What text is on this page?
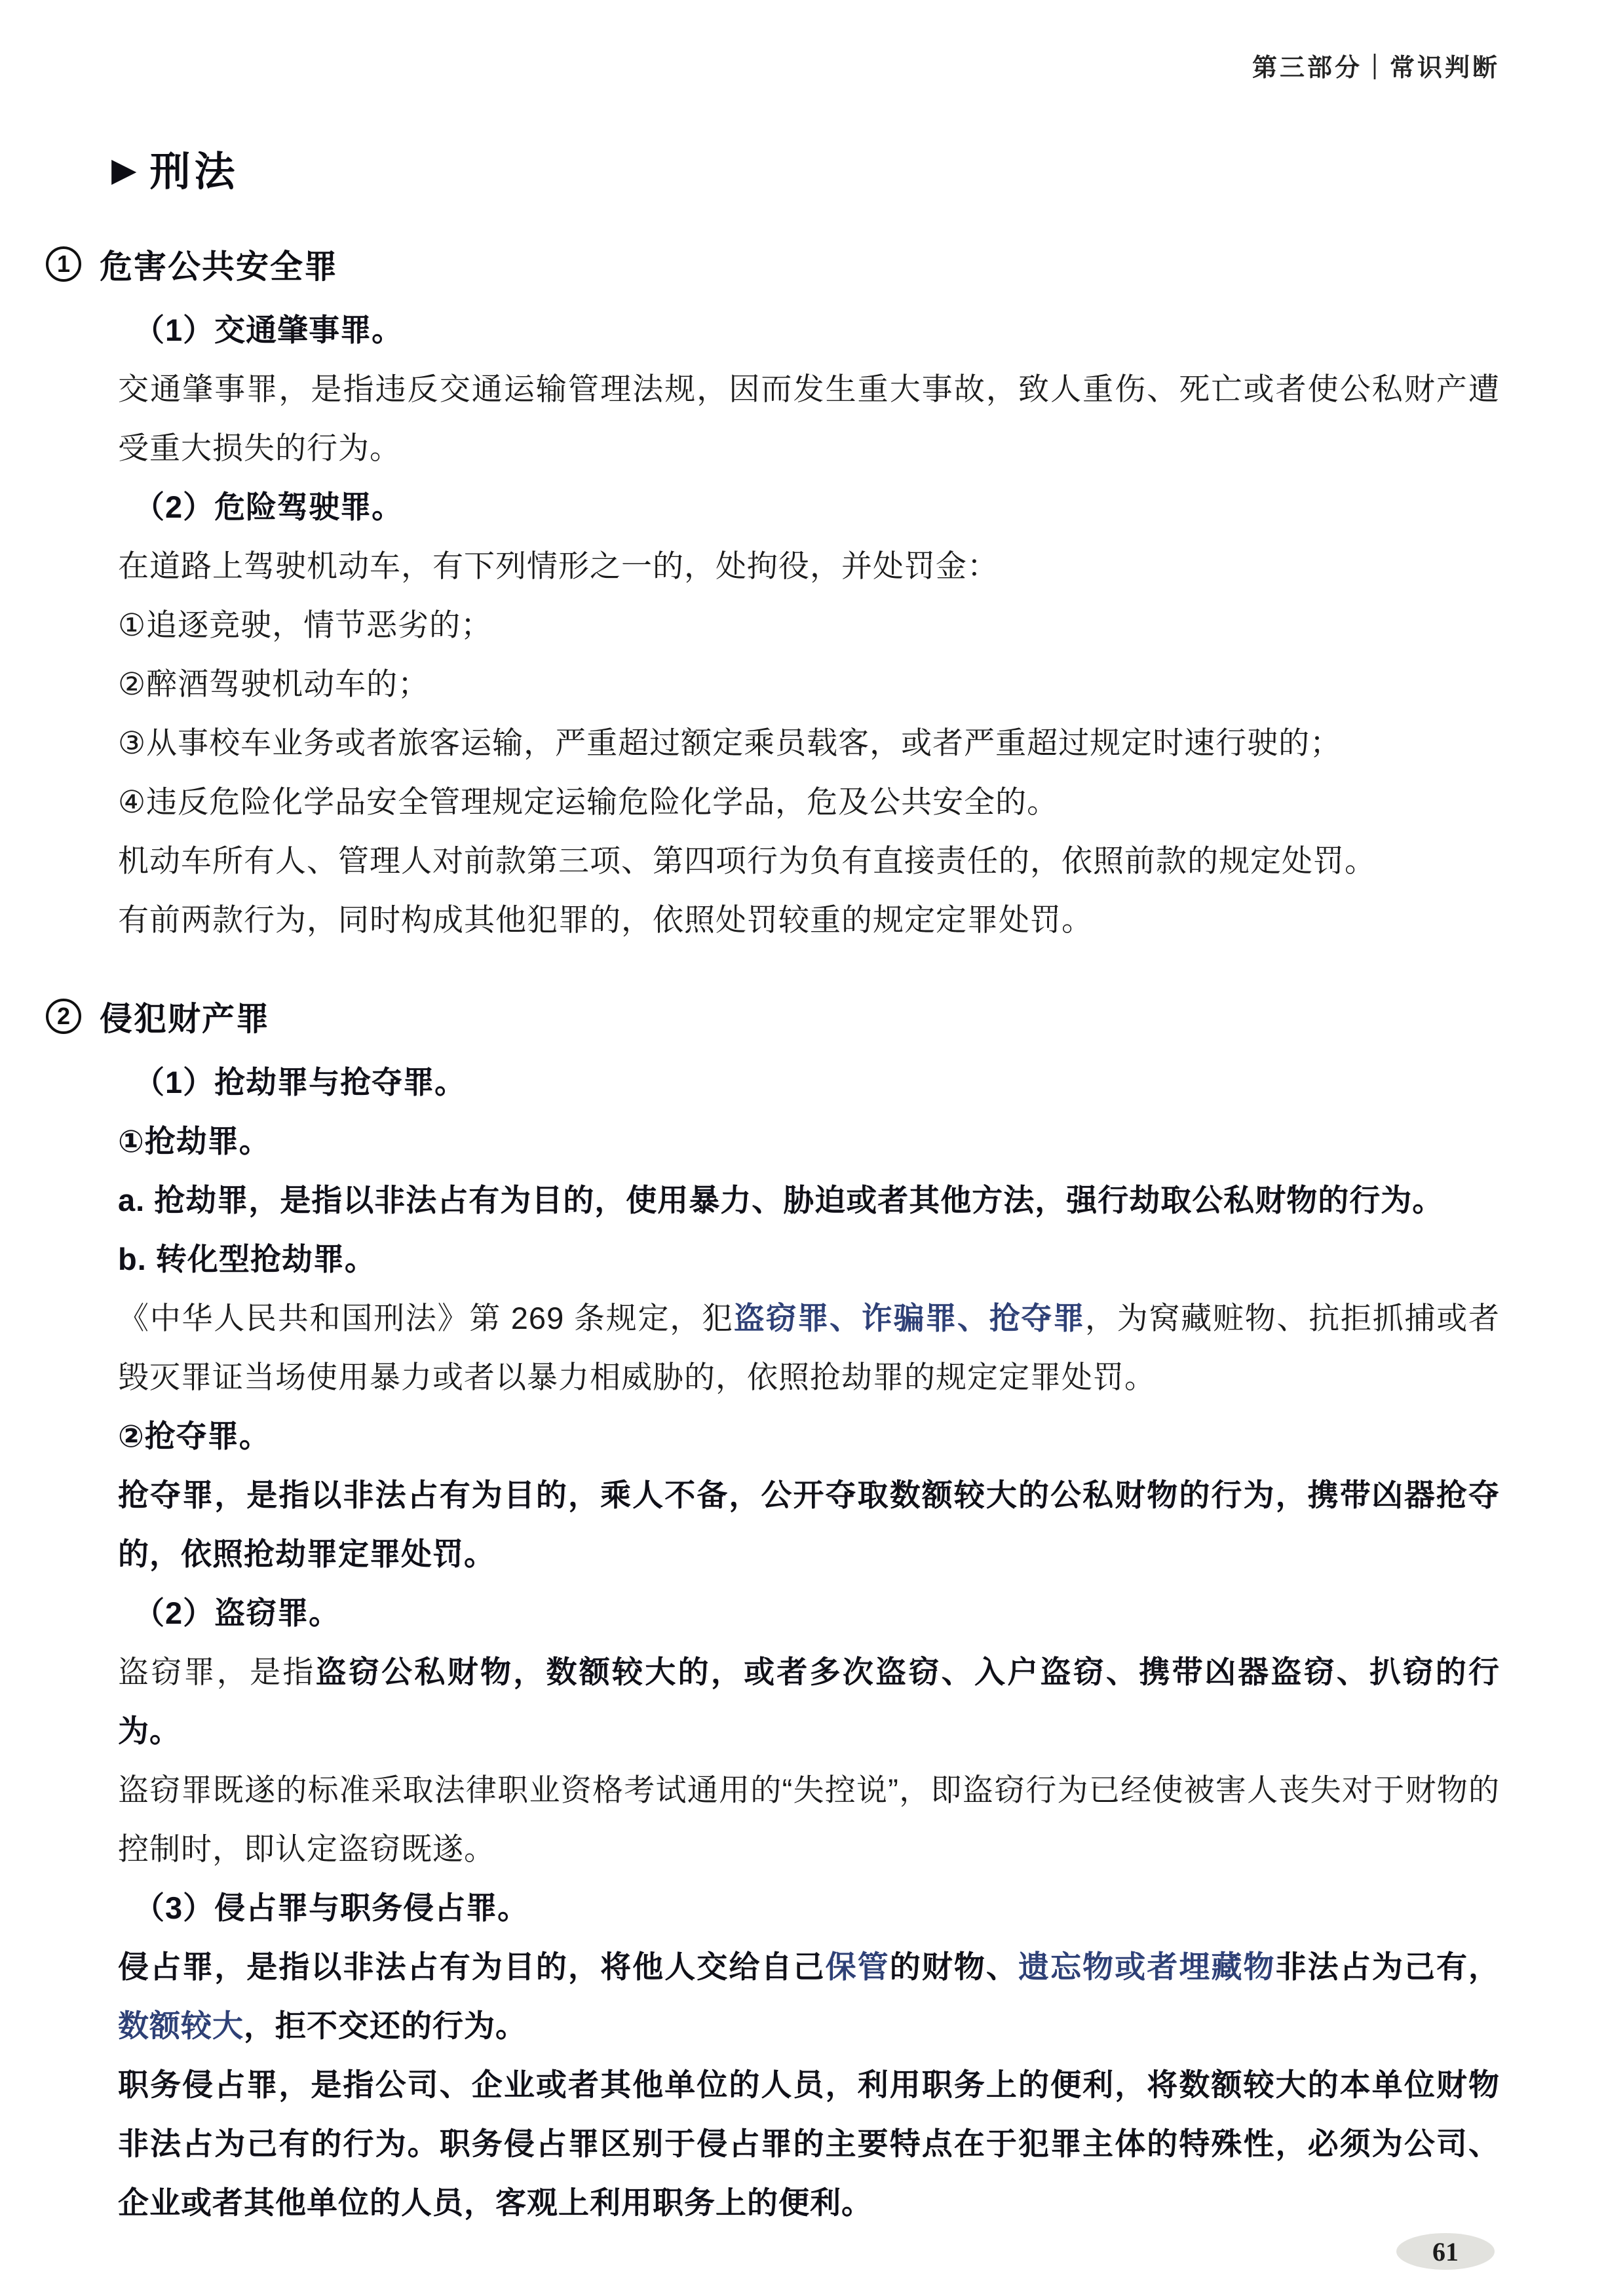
第三部分｜常识判断
▶ 刑法
1 危害公共安全罪

（1）交通肇事罪。

交通肇事罪，是指违反交通运输管理法规，因而发生重大事故，致人重伤、死亡或者使公私财产遭受重大损失的行为。

（2）危险驾驶罪。

在道路上驾驶机动车，有下列情形之一的，处拘役，并处罚金：

①追逐竞驶，情节恶劣的；

②醉酒驾驶机动车的；

③从事校车业务或者旅客运输，严重超过额定乘员载客，或者严重超过规定时速行驶的；

④违反危险化学品安全管理规定运输危险化学品，危及公共安全的。

机动车所有人、管理人对前款第三项、第四项行为负有直接责任的，依照前款的规定处罚。

有前两款行为，同时构成其他犯罪的，依照处罚较重的规定定罪处罚。

2 侵犯财产罪

（1）抢劫罪与抢夺罪。

①抢劫罪。

a. 抢劫罪，是指以非法占有为目的，使用暴力、胁迫或者其他方法，强行劫取公私财物的行为。

b. 转化型抢劫罪。

《中华人民共和国刑法》第 269 条规定，犯盗窃罪、诈骗罪、抢夺罪，为窝藏赃物、抗拒抓捕或者毁灭罪证当场使用暴力或者以暴力相威胁的，依照抢劫罪的规定定罪处罚。

②抢夺罪。

抢夺罪，是指以非法占有为目的，乘人不备，公开夺取数额较大的公私财物的行为，携带凶器抢夺的，依照抢劫罪定罪处罚。

（2）盗窃罪。

盗窃罪，是指盗窃公私财物，数额较大的，或者多次盗窃、入户盗窃、携带凶器盗窃、扒窃的行为。

盗窃罪既遂的标准采取法律职业资格考试通用的“失控说”，即盗窃行为已经使被害人丧失对于财物的控制时，即认定盗窃既遂。

（3）侵占罪与职务侵占罪。

侵占罪，是指以非法占有为目的，将他人交给自己保管的财物、遗忘物或者埋藏物非法占为己有，数额较大，拒不交还的行为。

职务侵占罪，是指公司、企业或者其他单位的人员，利用职务上的便利，将数额较大的本单位财物非法占为己有的行为。职务侵占罪区别于侵占罪的主要特点在于犯罪主体的特殊性，必须为公司、企业或者其他单位的人员，客观上利用职务上的便利。

61
